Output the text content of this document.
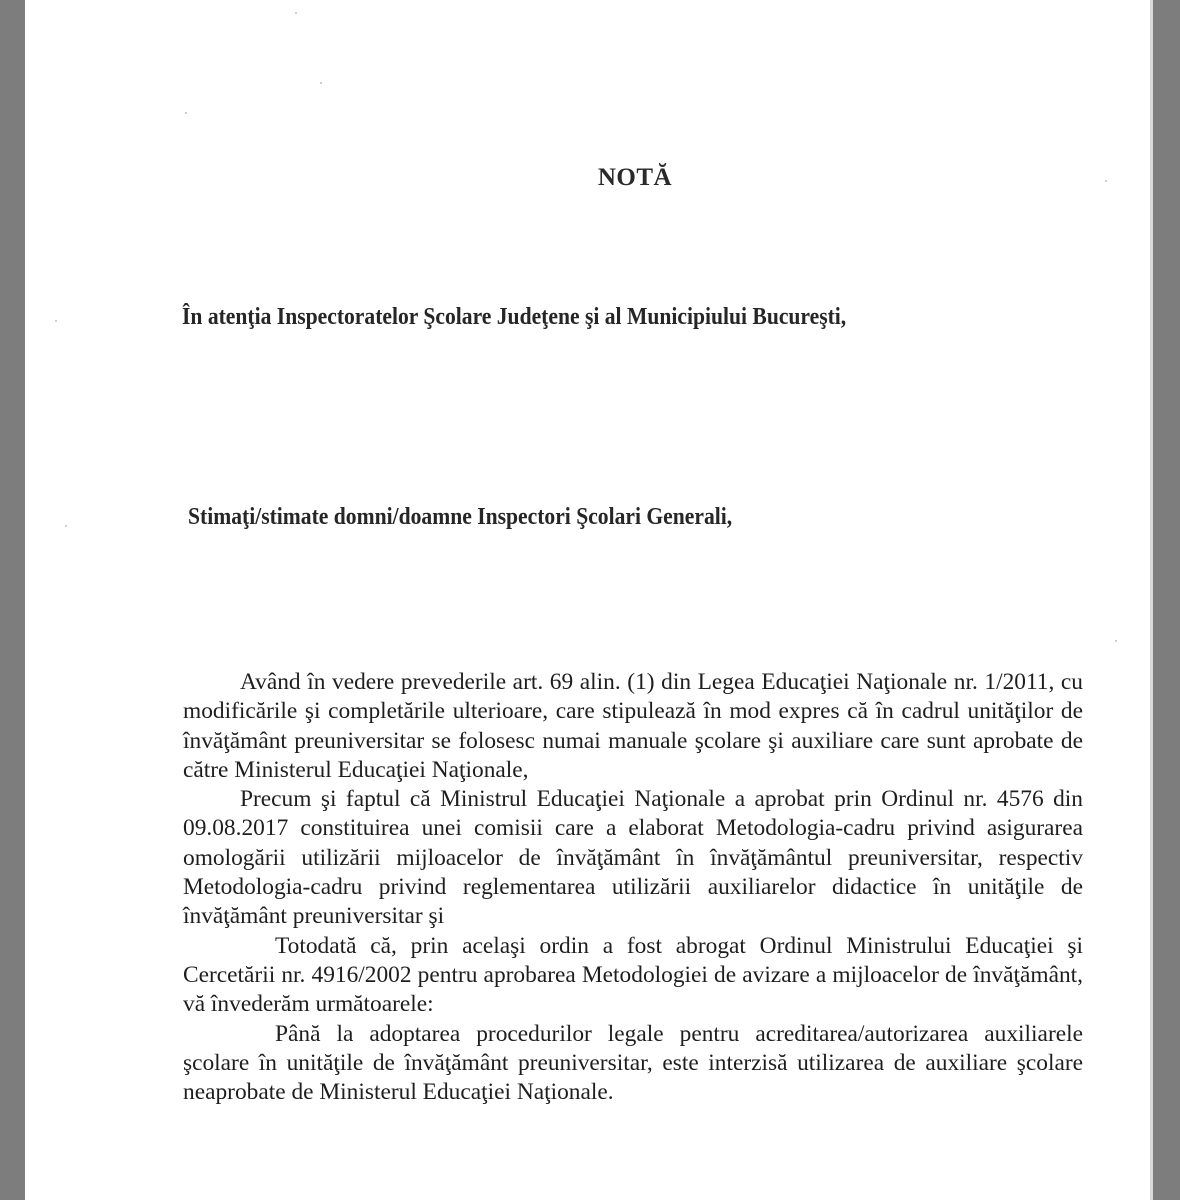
NOTĂ
În atenţia Inspectoratelor Şcolare Judeţene şi al Municipiului Bucureşti,
Stimaţi/stimate domni/doamne Inspectori Şcolari Generali,

Având în vedere prevederile art. 69 alin. (1) din Legea Educaţiei Naţionale nr. 1/2011, cu modificările şi completările ulterioare, care stipulează în mod expres că în cadrul unităţilor de învăţământ preuniversitar se folosesc numai manuale şcolare şi auxiliare care sunt aprobate de către Ministerul Educaţiei Naţionale,

Precum şi faptul că Ministrul Educaţiei Naţionale a aprobat prin Ordinul nr. 4576 din 09.08.2017 constituirea unei comisii care a elaborat Metodologia-cadru privind asigurarea omologării utilizării mijloacelor de învăţământ în învăţământul preuniversitar, respectiv Metodologia-cadru privind reglementarea utilizării auxiliarelor didactice în unităţile de învăţământ preuniversitar şi

Totodată că, prin acelaşi ordin a fost abrogat Ordinul Ministrului Educaţiei şi Cercetării nr. 4916/2002 pentru aprobarea Metodologiei de avizare a mijloacelor de învăţământ, vă învederăm următoarele:

Până la adoptarea procedurilor legale pentru acreditarea/autorizarea auxiliarele şcolare în unităţile de învăţământ preuniversitar, este interzisă utilizarea de auxiliare şcolare neaprobate de Ministerul Educaţiei Naţionale.
